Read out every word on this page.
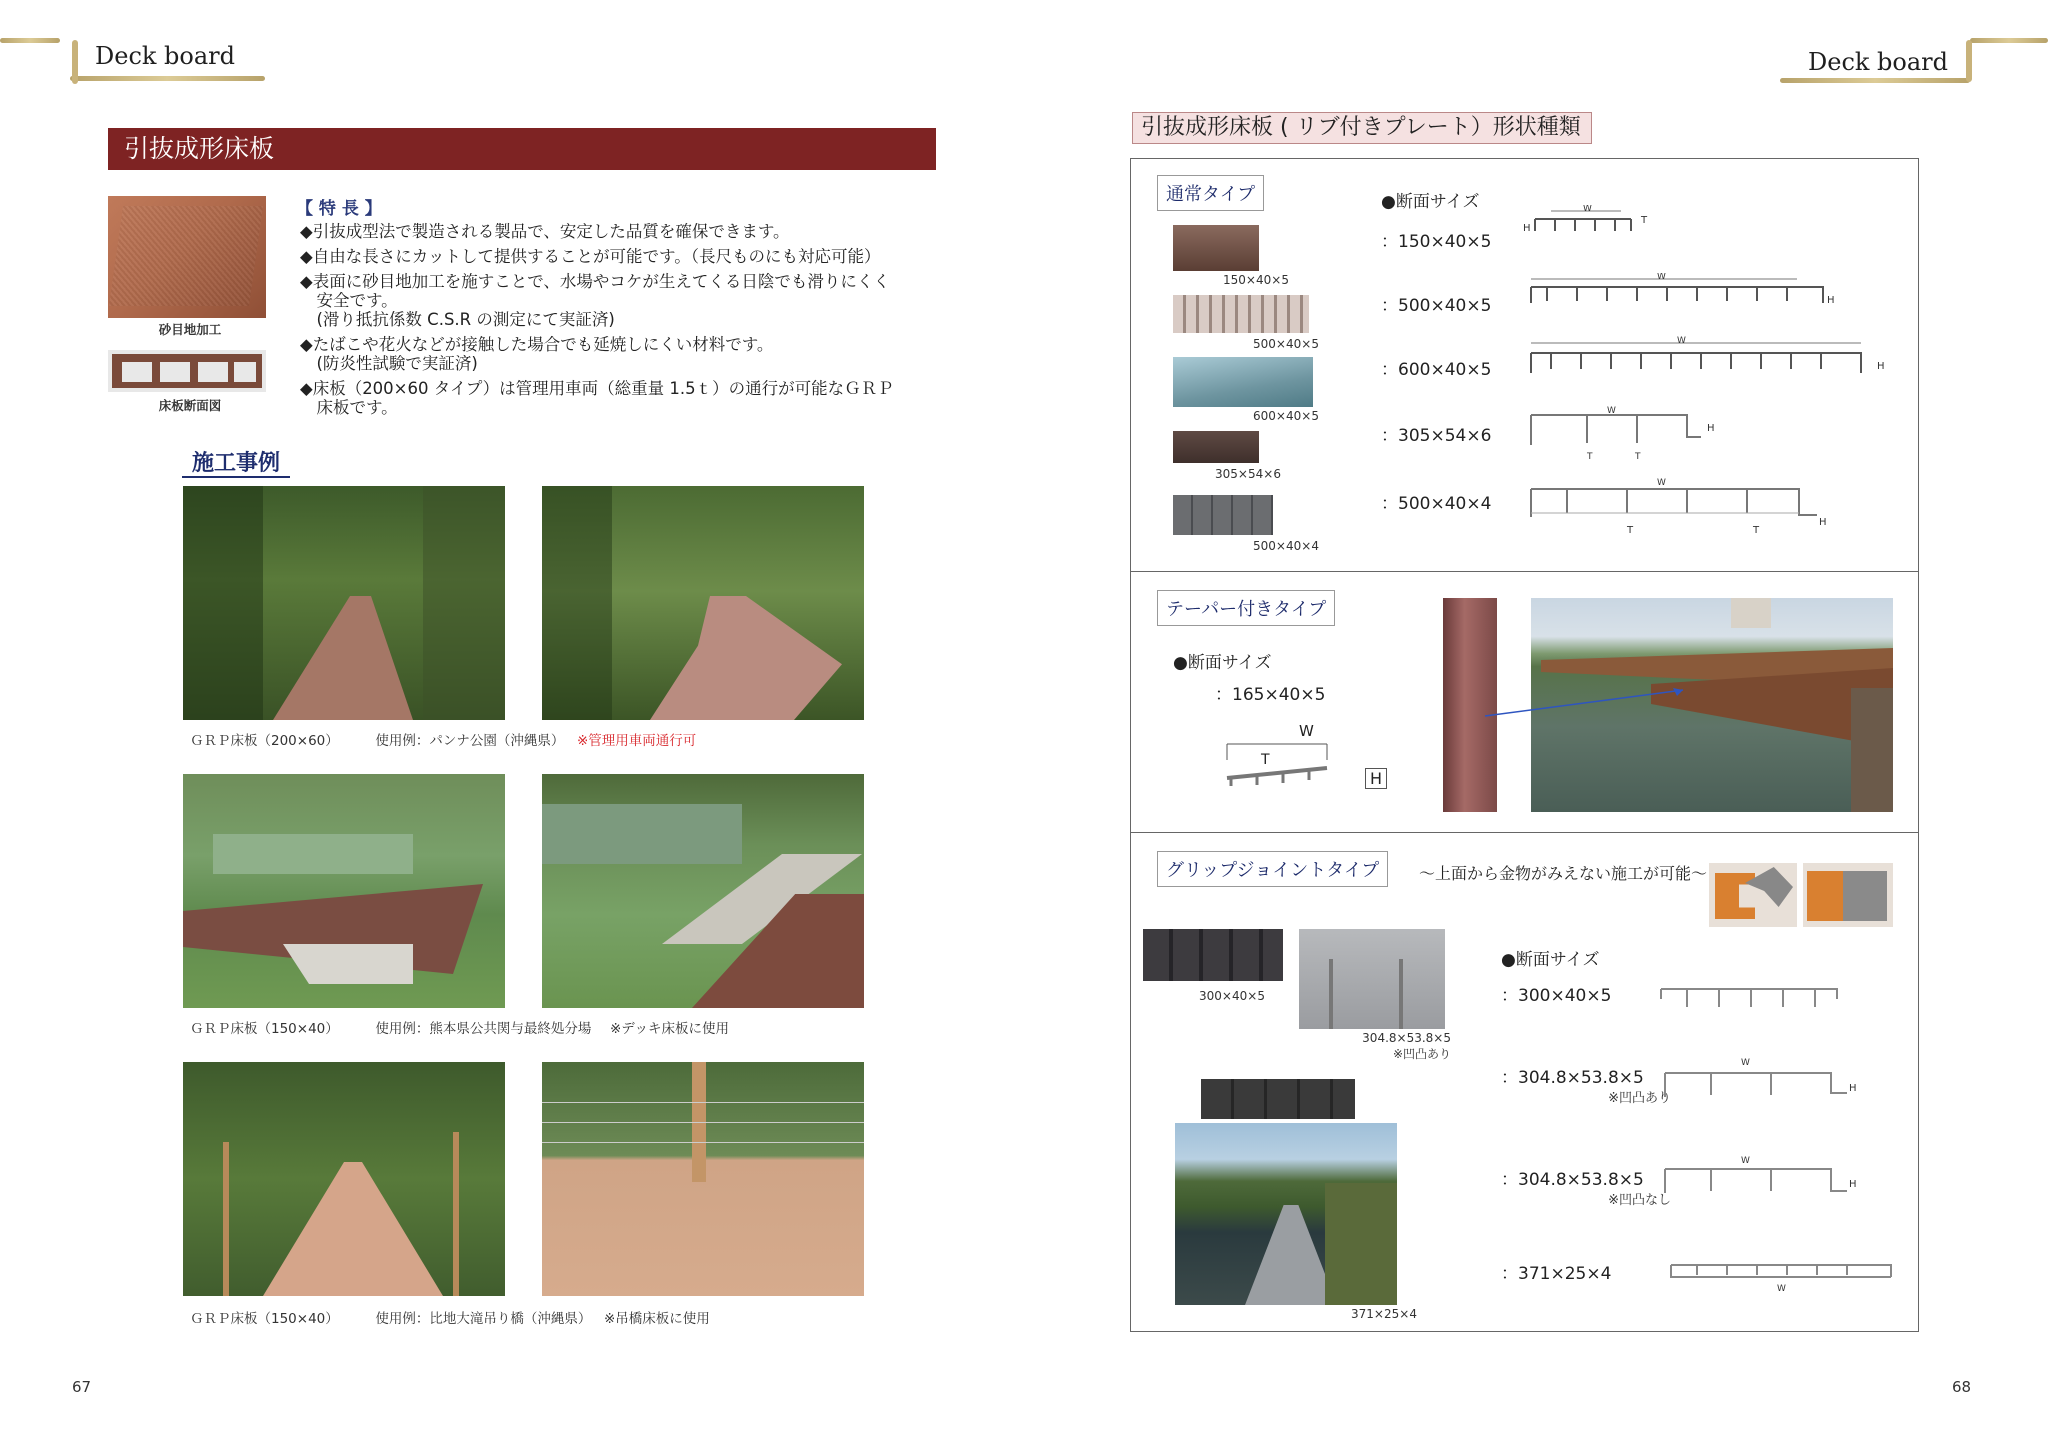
Deck board	Deck board
引抜成形床板
砂目地加工
床板断面図
【 特 長 】
◆引抜成型法で製造される製品で、安定した品質を確保できます。
◆自由な長さにカットして提供することが可能です。（長尺ものにも対応可能）
◆表面に砂目地加工を施すことで、水場やコケが生えてくる日陰でも滑りにくく
　安全です。
　(滑り抵抗係数 C.S.R の測定にて実証済)
◆たばこや花火などが接触した場合でも延焼しにくい材料です。
　(防炎性試験で実証済)
◆床板（200×60 タイプ）は管理用車両（総重量 1.5ｔ）の通行が可能なＧＲＰ
　床板です。
施工事例
ＧＲＰ床板（200×60）	使用例：パンナ公園（沖縄県） ※管理用車両通行可
ＧＲＰ床板（150×40）	使用例：熊本県公共関与最終処分場 ※デッキ床板に使用
ＧＲＰ床板（150×40）	使用例：比地大滝吊り橋（沖縄県） ※吊橋床板に使用
67
引抜成形床板 ( リブ付きプレート）形状種類
通常タイプ	●断面サイズ
150×40×5
500×40×5
600×40×5
305×54×6
500×40×4
：150×40×5
：500×40×5
：600×40×5
：305×54×6
：500×40×4
H
T
W
W
H
W
H
W
H
T	T
W
H
T	T
テーパー付きタイプ
●断面サイズ
：165×40×5
W
T
H
グリップジョイントタイプ	～上面から金物がみえない施工が可能～
300×40×5
304.8×53.8×5
※凹凸あり
371×25×4
●断面サイズ
：300×40×5
：304.8×53.8×5
※凹凸あり
：304.8×53.8×5
※凹凸なし
：371×25×4
W
H
W
H
W
68
